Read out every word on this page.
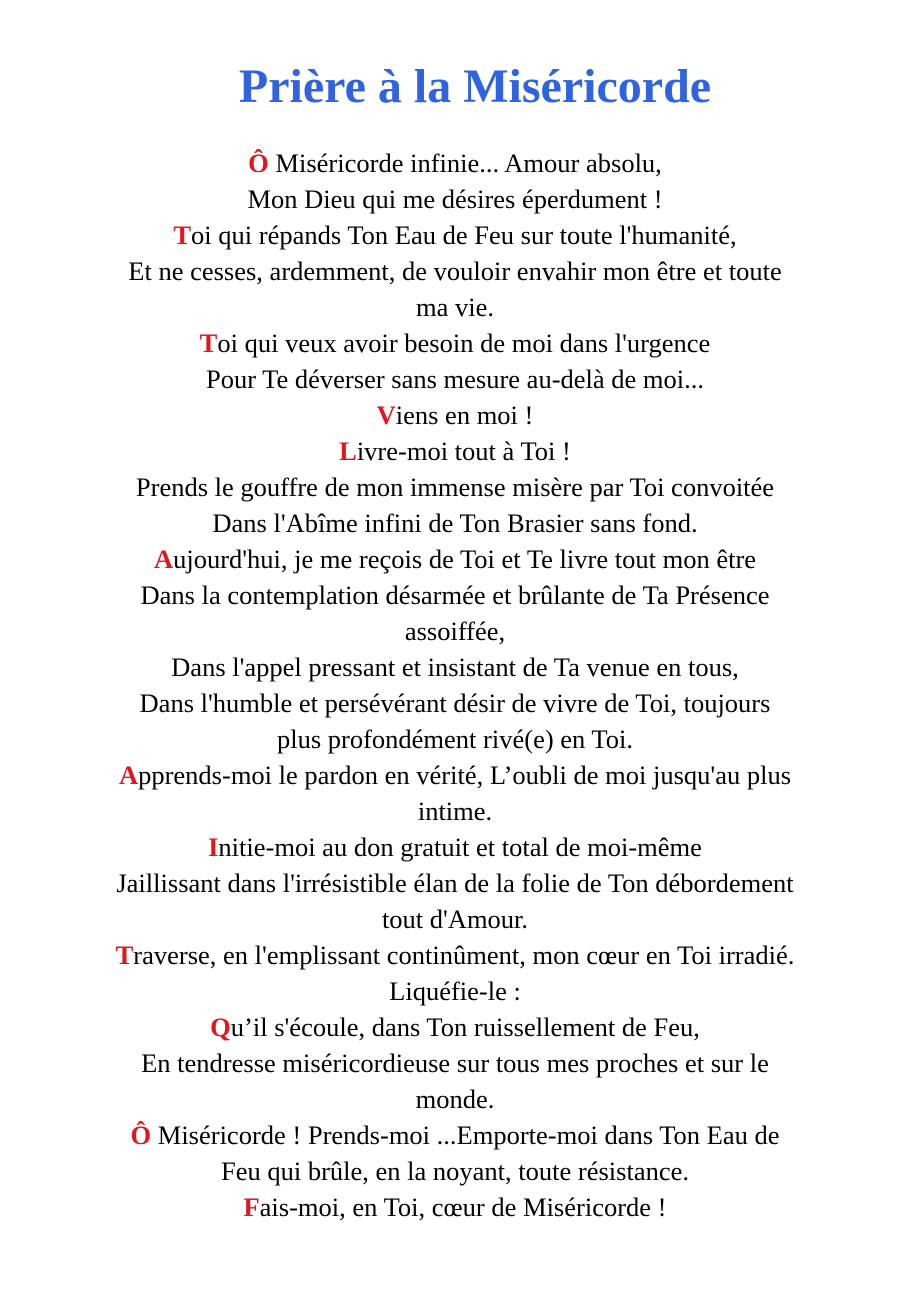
Prière à la Miséricorde
Ô Miséricorde infinie... Amour absolu,
Mon Dieu qui me désires éperdument !
Toi qui répands Ton Eau de Feu sur toute l'humanité,
Et ne cesses, ardemment, de vouloir envahir mon être et toute
ma vie.
Toi qui veux avoir besoin de moi dans l'urgence
Pour Te déverser sans mesure au-delà de moi...
Viens en moi !
Livre-moi tout à Toi !
Prends le gouffre de mon immense misère par Toi convoitée
Dans l'Abîme infini de Ton Brasier sans fond.
Aujourd'hui, je me reçois de Toi et Te livre tout mon être
Dans la contemplation désarmée et brûlante de Ta Présence
assoiffée,
Dans l'appel pressant et insistant de Ta venue en tous,
Dans l'humble et persévérant désir de vivre de Toi, toujours
plus profondément rivé(e) en Toi.
Apprends-moi le pardon en vérité, L’oubli de moi jusqu'au plus
intime.
Initie-moi au don gratuit et total de moi-même
Jaillissant dans l'irrésistible élan de la folie de Ton débordement
tout d'Amour.
Traverse, en l'emplissant continûment, mon cœur en Toi irradié.
Liquéfie-le :
Qu’il s'écoule, dans Ton ruissellement de Feu,
En tendresse miséricordieuse sur tous mes proches et sur le
monde.
Ô Miséricorde ! Prends-moi ...Emporte-moi dans Ton Eau de
Feu qui brûle, en la noyant, toute résistance.
Fais-moi, en Toi, cœur de Miséricorde !
